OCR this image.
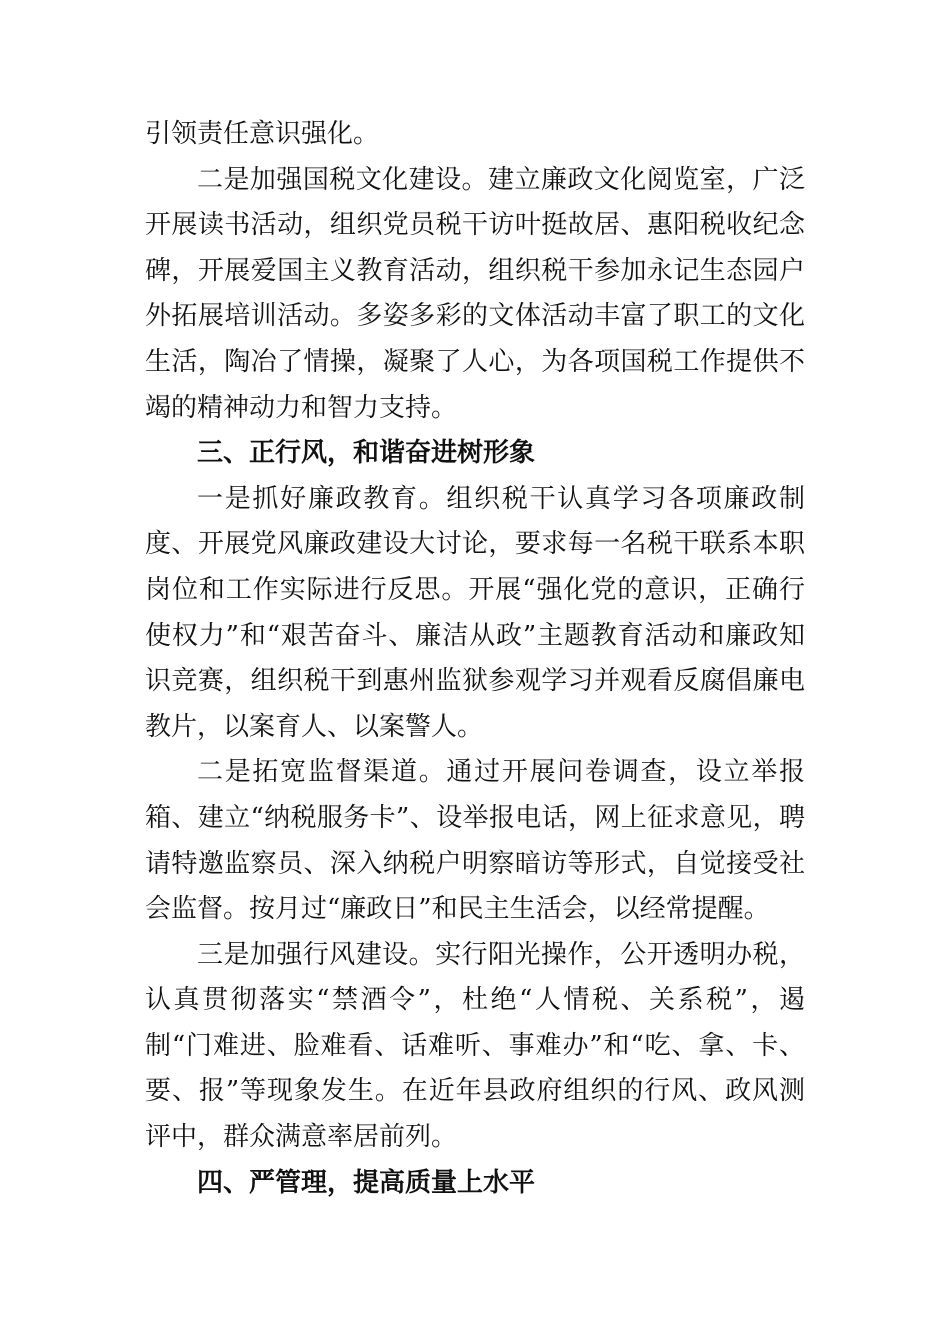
引领责任意识强化。

二是加强国税文化建设。建立廉政文化阅览室，广泛开展读书活动，组织党员税干访叶挺故居、惠阳税收纪念碑，开展爱国主义教育活动，组织税干参加永记生态园户外拓展培训活动。多姿多彩的文体活动丰富了职工的文化生活，陶冶了情操，凝聚了人心，为各项国税工作提供不竭的精神动力和智力支持。

三、正行风，和谐奋进树形象

一是抓好廉政教育。组织税干认真学习各项廉政制度、开展党风廉政建设大讨论，要求每一名税干联系本职岗位和工作实际进行反思。开展“强化党的意识，正确行使权力”和“艰苦奋斗、廉洁从政”主题教育活动和廉政知识竞赛，组织税干到惠州监狱参观学习并观看反腐倡廉电教片，以案育人、以案警人。

二是拓宽监督渠道。通过开展问卷调查，设立举报箱、建立“纳税服务卡”、设举报电话，网上征求意见，聘请特邀监察员、深入纳税户明察暗访等形式，自觉接受社会监督。按月过“廉政日”和民主生活会，以经常提醒。

三是加强行风建设。实行阳光操作，公开透明办税，认真贯彻落实“禁酒令”，杜绝“人情税、关系税”，遏制“门难进、脸难看、话难听、事难办”和“吃、拿、卡、要、报”等现象发生。在近年县政府组织的行风、政风测评中，群众满意率居前列。

四、严管理，提高质量上水平
